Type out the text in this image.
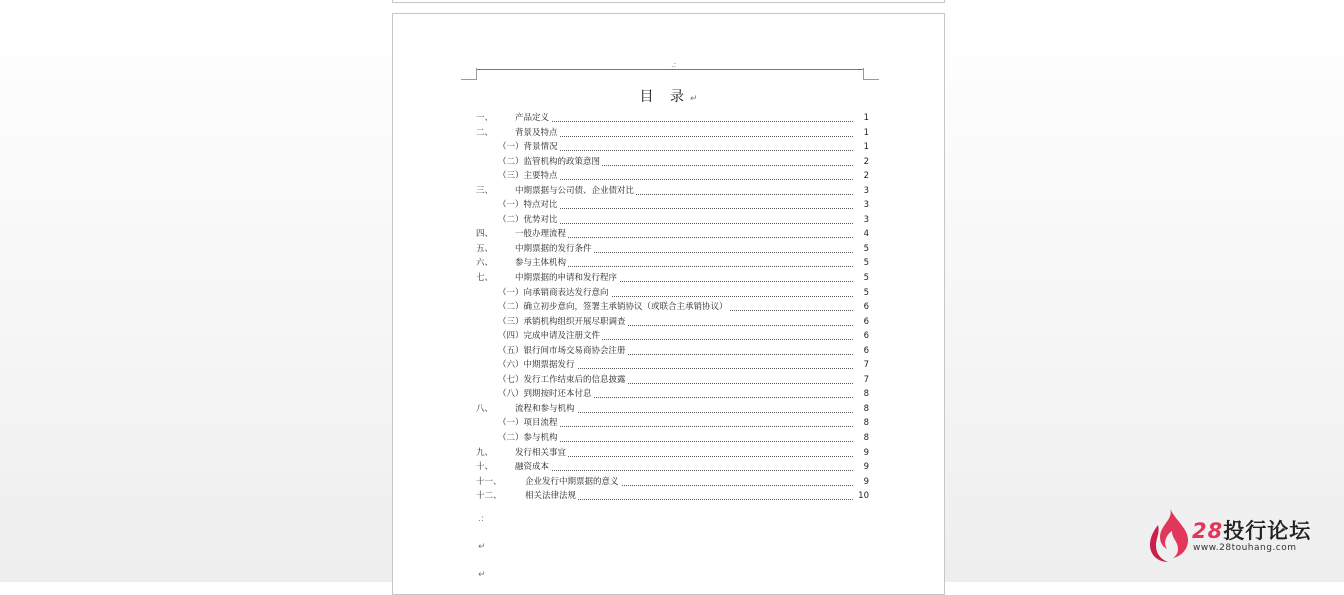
.:
目 录↵
一、	产品定义	1
二、	背景及特点	1
（一）背景情况	1
（二）监管机构的政策意图	2
（三）主要特点	2
三、	中期票据与公司债、企业债对比	3
（一）特点对比	3
（二）优势对比	3
四、	一般办理流程	4
五、	中期票据的发行条件	5
六、	参与主体机构	5
七、	中期票据的申请和发行程序	5
（一）向承销商表达发行意向	5
（二）确立初步意向，签署主承销协议（或联合主承销协议）	6
（三）承销机构组织开展尽职调查	6
（四）完成申请及注册文件	6
（五）银行间市场交易商协会注册	6
（六）中期票据发行	7
（七）发行工作结束后的信息披露	7
（八）到期按时还本付息	8
八、	流程和参与机构	8
（一）项目流程	8
（二）参与机构	8
九、	发行相关事宜	9
十、	融资成本	9
十一、	企业发行中期票据的意义	9
十二、	相关法律法规	10
.:
↵
↵
28投行论坛
www.28touhang.com
